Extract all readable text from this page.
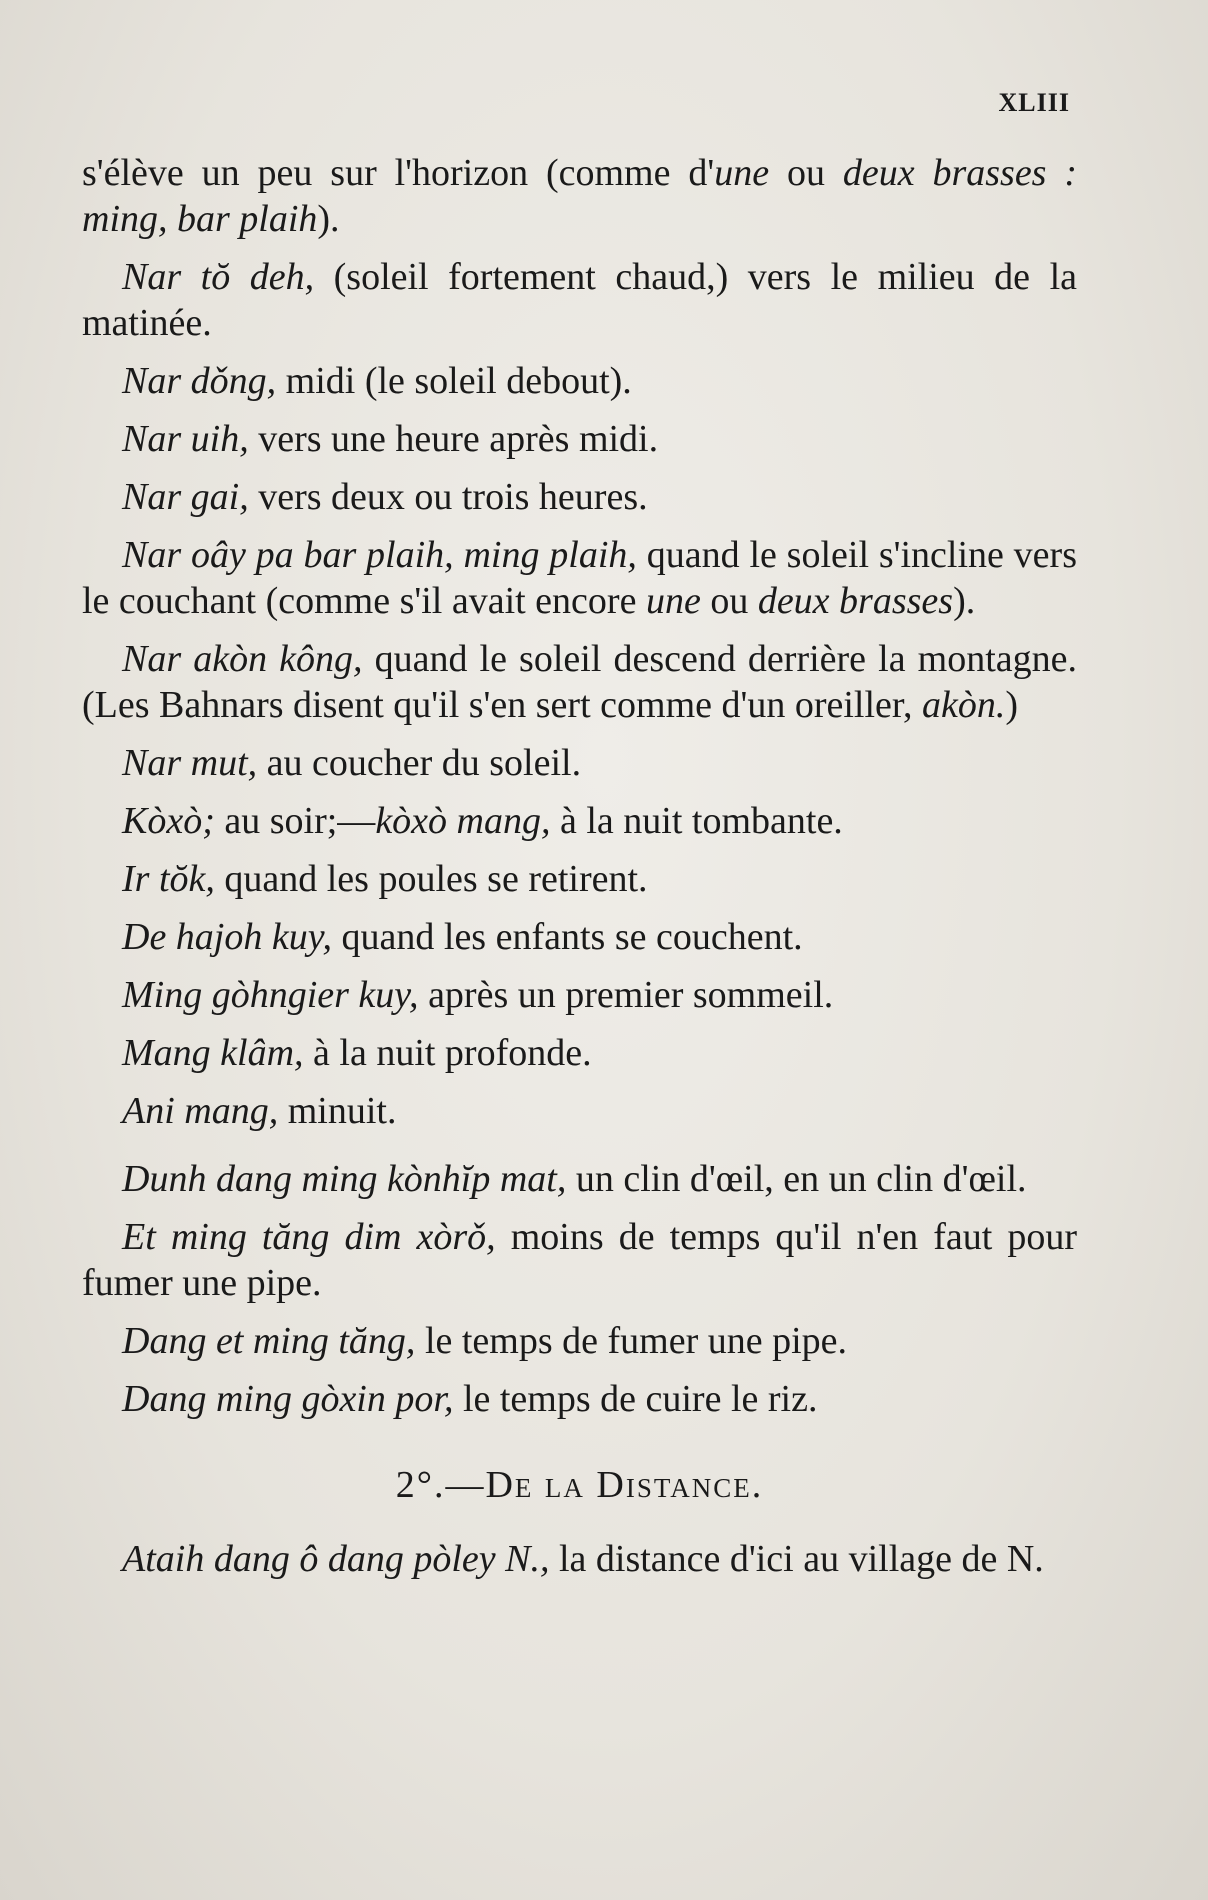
XLIII

s'élève un peu sur l'horizon (comme d'une ou deux brasses : ming, bar plaih).

Nar tŏ deh, (soleil fortement chaud,) vers le milieu de la matinée.

Nar dǒng, midi (le soleil debout).

Nar uih, vers une heure après midi.

Nar gai, vers deux ou trois heures.

Nar oây pa bar plaih, ming plaih, quand le soleil s'incline vers le couchant (comme s'il avait encore une ou deux brasses).

Nar akòn kông, quand le soleil descend derrière la montagne. (Les Bahnars disent qu'il s'en sert comme d'un oreiller, akòn.)

Nar mut, au coucher du soleil.

Kòxò; au soir;—kòxò mang, à la nuit tombante.

Ir tŏk, quand les poules se retirent.

De hajoh kuy, quand les enfants se couchent.

Ming gòhngier kuy, après un premier sommeil.

Mang klâm, à la nuit profonde.

Ani mang, minuit.

Dunh dang ming kònhĭp mat, un clin d'œil, en un clin d'œil.

Et ming tăng dim xòrǒ, moins de temps qu'il n'en faut pour fumer une pipe.

Dang et ming tăng, le temps de fumer une pipe.

Dang ming gòxin por, le temps de cuire le riz.

2°.—De la Distance.

Ataih dang ô dang pòley N., la distance d'ici au village de N.
